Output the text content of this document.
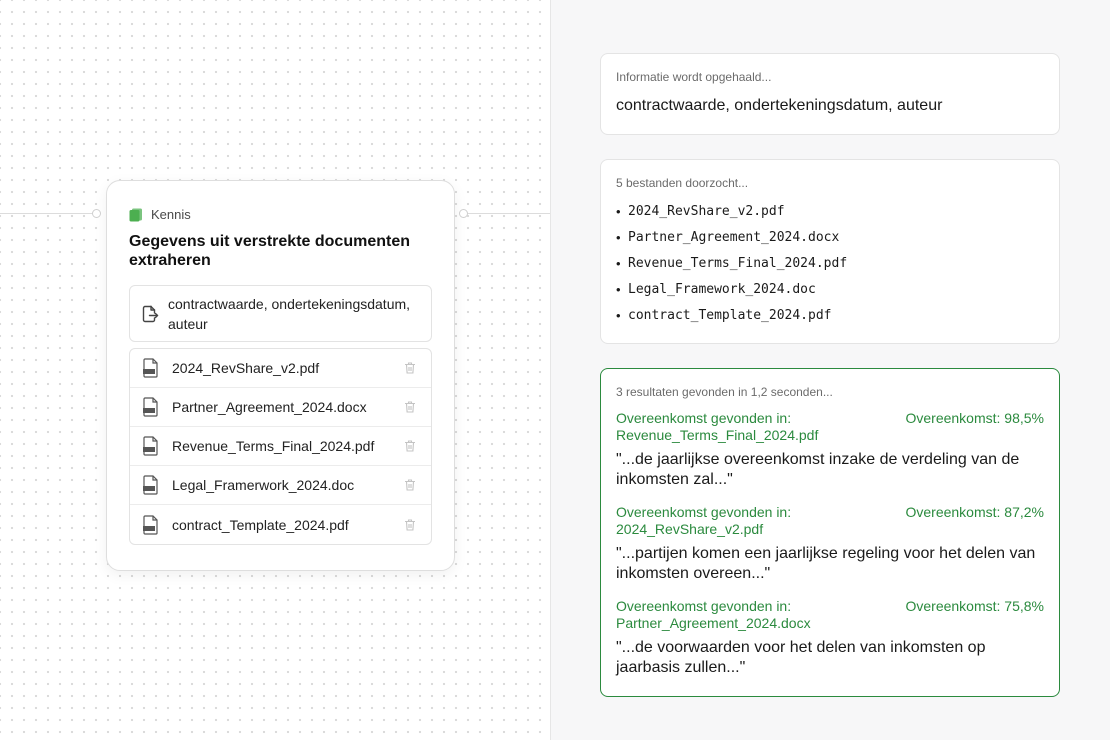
Kennis
Gegevens uit verstrekte documenten extraheren
contractwaarde, ondertekeningsdatum, auteur
2024_RevShare_v2.pdf
Partner_Agreement_2024.docx
Revenue_Terms_Final_2024.pdf
Legal_Framerwork_2024.doc
contract_Template_2024.pdf
Informatie wordt opgehaald...
contractwaarde, ondertekeningsdatum, auteur
5 bestanden doorzocht...
• 2024_RevShare_v2.pdf
• Partner_Agreement_2024.docx
• Revenue_Terms_Final_2024.pdf
• Legal_Framework_2024.doc
• contract_Template_2024.pdf
3 resultaten gevonden in 1,2 seconden...
Overeenkomst gevonden in:
Revenue_Terms_Final_2024.pdf
Overeenkomst: 98,5%
"...de jaarlijkse overeenkomst inzake de verdeling van de inkomsten zal..."
Overeenkomst gevonden in:
2024_RevShare_v2.pdf
Overeenkomst: 87,2%
"...partijen komen een jaarlijkse regeling voor het delen van inkomsten overeen..."
Overeenkomst gevonden in:
Partner_Agreement_2024.docx
Overeenkomst: 75,8%
"...de voorwaarden voor het delen van inkomsten op jaarbasis zullen..."
